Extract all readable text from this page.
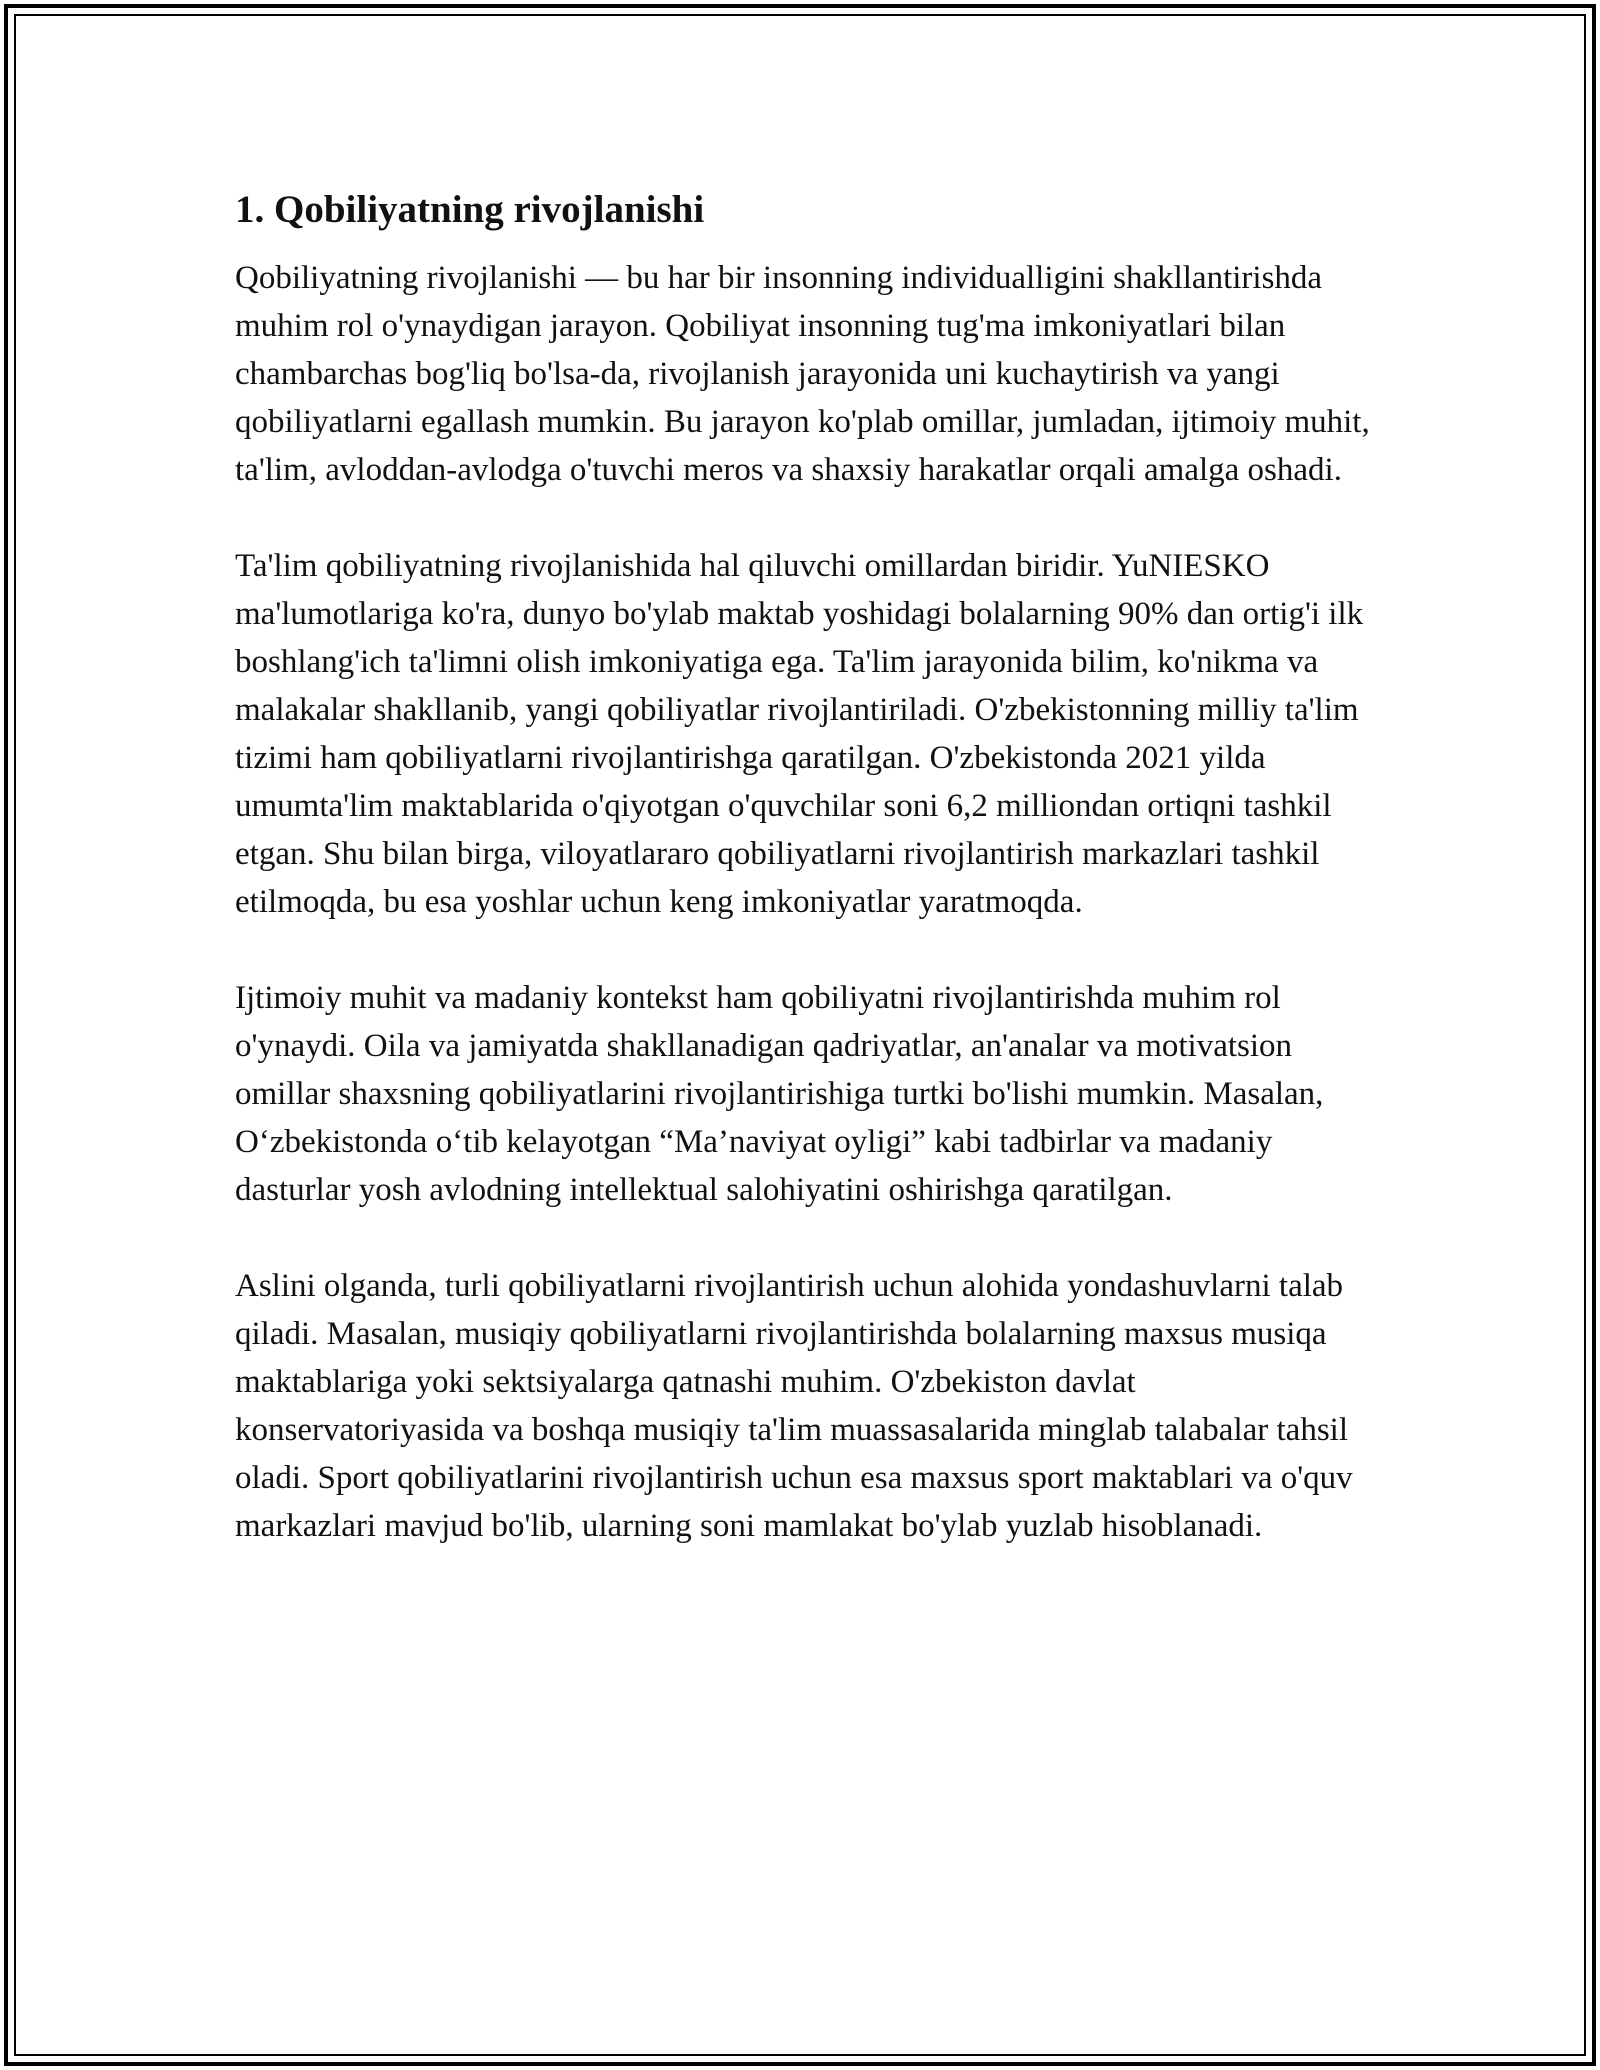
1. Qobiliyatning rivojlanishi

Qobiliyatning rivojlanishi — bu har bir insonning individualligini shakllantirishda muhim rol o'ynaydigan jarayon. Qobiliyat insonning tug'ma imkoniyatlari bilan chambarchas bog'liq bo'lsa-da, rivojlanish jarayonida uni kuchaytirish va yangi qobiliyatlarni egallash mumkin. Bu jarayon ko'plab omillar, jumladan, ijtimoiy muhit, ta'lim, avloddan-avlodga o'tuvchi meros va shaxsiy harakatlar orqali amalga oshadi.

Ta'lim qobiliyatning rivojlanishida hal qiluvchi omillardan biridir. YuNIESKO ma'lumotlariga ko'ra, dunyo bo'ylab maktab yoshidagi bolalarning 90% dan ortig'i ilk boshlang'ich ta'limni olish imkoniyatiga ega. Ta'lim jarayonida bilim, ko'nikma va malakalar shakllanib, yangi qobiliyatlar rivojlantiriladi. O'zbekistonning milliy ta'lim tizimi ham qobiliyatlarni rivojlantirishga qaratilgan. O'zbekistonda 2021 yilda umumta'lim maktablarida o'qiyotgan o'quvchilar soni 6,2 milliondan ortiqni tashkil etgan. Shu bilan birga, viloyatlararo qobiliyatlarni rivojlantirish markazlari tashkil etilmoqda, bu esa yoshlar uchun keng imkoniyatlar yaratmoqda.

Ijtimoiy muhit va madaniy kontekst ham qobiliyatni rivojlantirishda muhim rol o'ynaydi. Oila va jamiyatda shakllanadigan qadriyatlar, an'analar va motivatsion omillar shaxsning qobiliyatlarini rivojlantirishiga turtki bo'lishi mumkin. Masalan, O‘zbekistonda o‘tib kelayotgan “Ma’naviyat oyligi” kabi tadbirlar va madaniy dasturlar yosh avlodning intellektual salohiyatini oshirishga qaratilgan.

Aslini olganda, turli qobiliyatlarni rivojlantirish uchun alohida yondashuvlarni talab qiladi. Masalan, musiqiy qobiliyatlarni rivojlantirishda bolalarning maxsus musiqa maktablariga yoki sektsiyalarga qatnashi muhim. O'zbekiston davlat konservatoriyasida va boshqa musiqiy ta'lim muassasalarida minglab talabalar tahsil oladi. Sport qobiliyatlarini rivojlantirish uchun esa maxsus sport maktablari va o'quv markazlari mavjud bo'lib, ularning soni mamlakat bo'ylab yuzlab hisoblanadi.
